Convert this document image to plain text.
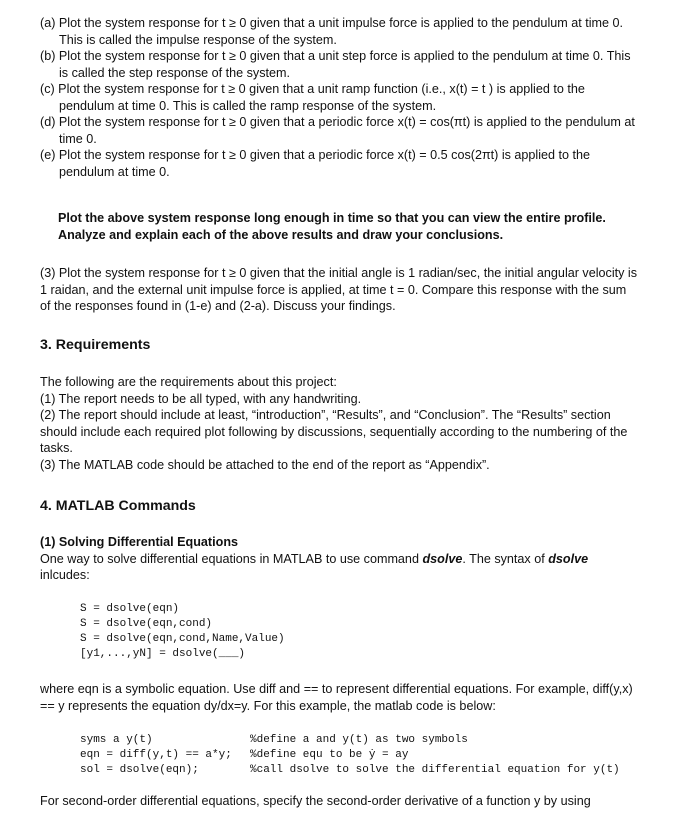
(a) Plot the system response for t ≥ 0 given that a unit impulse force is applied to the pendulum at time 0. This is called the impulse response of the system.

(b) Plot the system response for t ≥ 0 given that a unit step force is applied to the pendulum at time 0. This is called the step response of the system.

(c) Plot the system response for t ≥ 0 given that a unit ramp function (i.e., x(t) = t ) is applied to the pendulum at time 0. This is called the ramp response of the system.

(d) Plot the system response for t ≥ 0 given that a periodic force x(t) = cos(πt) is applied to the pendulum at time 0.

(e) Plot the system response for t ≥ 0 given that a periodic force x(t) = 0.5 cos(2πt) is applied to the pendulum at time 0.

Plot the above system response long enough in time so that you can view the entire profile.

Analyze and explain each of the above results and draw your conclusions.

(3) Plot the system response for t ≥ 0 given that the initial angle is 1 radian/sec, the initial angular velocity is 1 raidan, and the external unit impulse force is applied, at time t = 0. Compare this response with the sum of the responses found in (1-e) and (2-a). Discuss your findings.

3. Requirements

The following are the requirements about this project:

(1) The report needs to be all typed, with any handwriting.

(2) The report should include at least, “introduction”, “Results”, and “Conclusion”. The “Results” section should include each required plot following by discussions, sequentially according to the numbering of the tasks.

(3) The MATLAB code should be attached to the end of the report as “Appendix”.

4. MATLAB Commands

(1) Solving Differential Equations

One way to solve differential equations in MATLAB to use command dsolve. The syntax of dsolve inlcudes:

S = dsolve(eqn)
S = dsolve(eqn,cond)
S = dsolve(eqn,cond,Name,Value)
[y1,...,yN] = dsolve(___)

where eqn is a symbolic equation. Use diff and == to represent differential equations. For example, diff(y,x) == y represents the equation dy/dx=y. For this example, the matlab code is below:

syms a y(t)	%define a and y(t) as two symbols
eqn = diff(y,t) == a*y;	%define equ to be ẏ = ay
sol = dsolve(eqn);	%call dsolve to solve the differential equation for y(t)

For second-order differential equations, specify the second-order derivative of a function y by using
